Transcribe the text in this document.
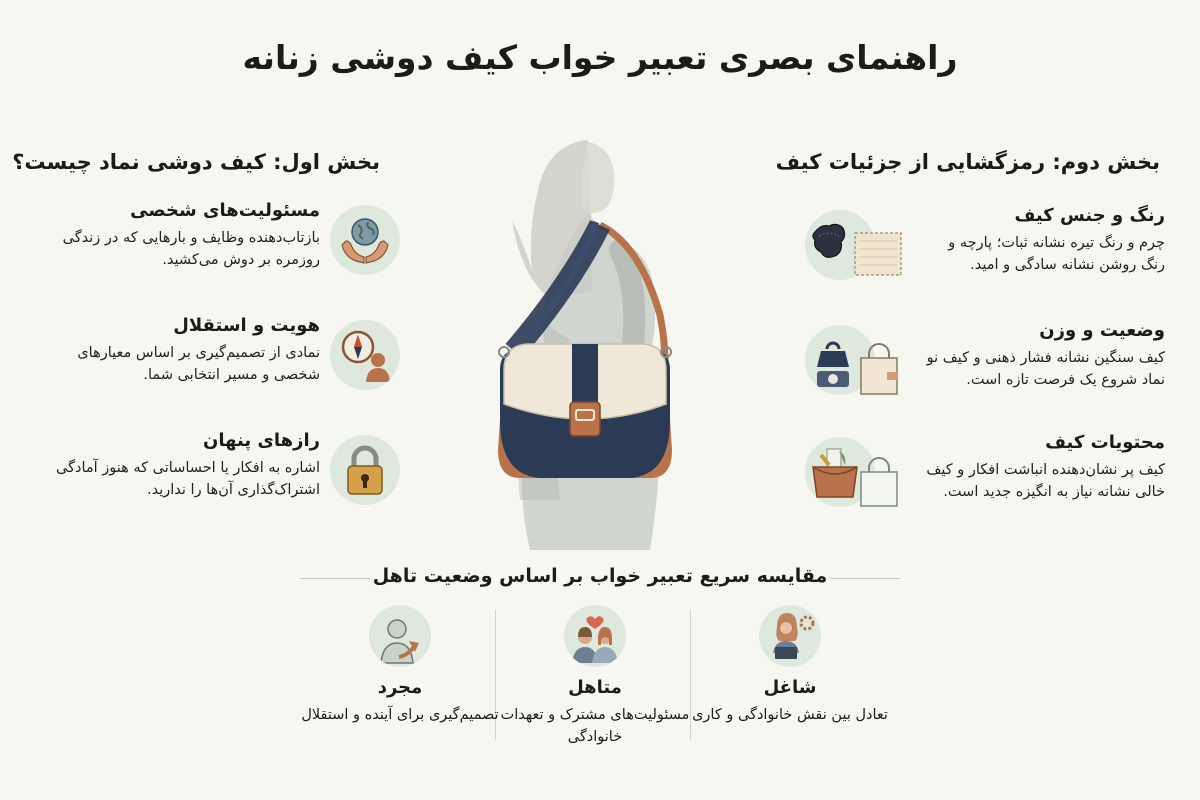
راهنمای بصری تعبیر خواب کیف دوشی زنانه
بخش اول: کیف دوشی نماد چیست؟	بخش دوم: رمزگشایی از جزئیات کیف
مسئولیت‌های شخصی
بازتاب‌دهنده وظایف و بارهایی که در زندگی روزمره بر دوش می‌کشید.
هویت و استقلال
نمادی از تصمیم‌گیری بر اساس معیارهای شخصی و مسیر انتخابی شما.
رازهای پنهان
اشاره به افکار یا احساساتی که هنوز آمادگی اشتراک‌گذاری آن‌ها را ندارید.
رنگ و جنس کیف
چرم و رنگ تیره نشانه ثبات؛ پارچه و رنگ روشن نشانه سادگی و امید.
وضعیت و وزن
کیف سنگین نشانه فشار ذهنی و کیف نو نماد شروع یک فرصت تازه است.
محتویات کیف
کیف پر نشان‌دهنده انباشت افکار و کیف خالی نشانه نیاز به انگیزه جدید است.
مقایسه سریع تعبیر خواب بر اساس وضعیت تاهل
شاغل
تعادل بین نقش خانوادگی و کاری
متاهل
مسئولیت‌های مشترک و تعهدات خانوادگی
مجرد
تصمیم‌گیری برای آینده و استقلال
